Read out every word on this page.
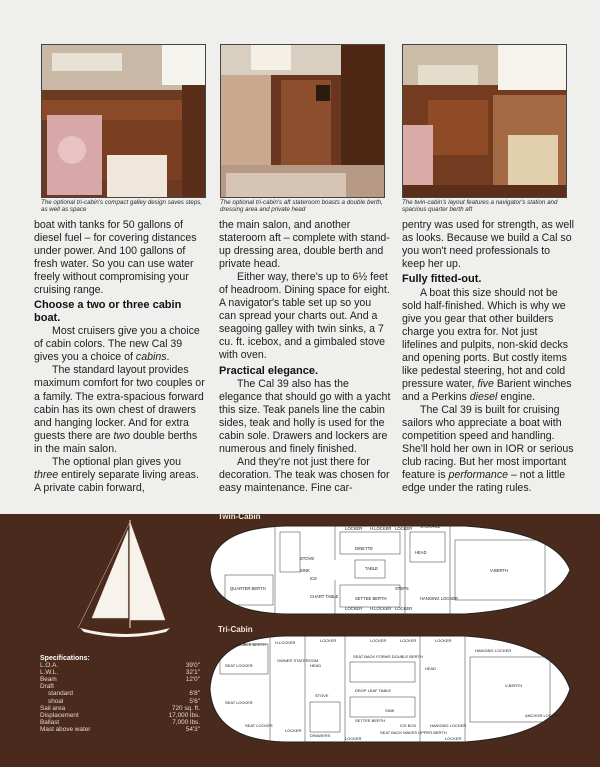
The optional tri-cabin's compact galley design saves steps, as well as space
The optional tri-cabin's aft stateroom boasts a double berth, dressing area and private head
The twin-cabin's layout features a navigator's station and spacious quarter berth aft

boat with tanks for 50 gallons of diesel fuel – for covering distances under power. And 100 gallons of fresh water. So you can use water freely without compromising your cruising range.

Choose a two or three cabin boat.

Most cruisers give you a choice of cabin colors. The new Cal 39 gives you a choice of cabins.

The standard layout provides maximum comfort for two couples or a family. The extra-spacious forward cabin has its own chest of drawers and hanging locker. And for extra guests there are two double berths in the main salon.

The optional plan gives you three entirely separate living areas. A private cabin forward,

the main salon, and another stateroom aft – complete with stand-up dressing area, double berth and private head.

Either way, there's up to 6½ feet of headroom. Dining space for eight. A navigator's table set up so you can spread your charts out. And a seagoing galley with twin sinks, a 7 cu. ft. icebox, and a gimbaled stove with oven.

Practical elegance.

The Cal 39 also has the elegance that should go with a yacht this size. Teak panels line the cabin sides, teak and holly is used for the cabin sole. Drawers and lockers are numerous and finely finished.

And they're not just there for decoration. The teak was chosen for easy maintenance. Fine car-

pentry was used for strength, as well as looks. Because we build a Cal so you won't need professionals to keep her up.

Fully fitted-out.

A boat this size should not be sold half-finished. Which is why we give you gear that other builders charge you extra for. Not just lifelines and pulpits, non-skid decks and opening ports. But costly items like pedestal steering, hot and cold pressure water, five Barient winches and a Perkins diesel engine.

The Cal 39 is built for cruising sailors who appreciate a boat with competition speed and handling. She'll hold her own in IOR or serious club racing. But her most important feature is performance – not a little edge under the rating rules.

Specifications:
L.O.A.	39'0"
L.W.L.	32'1"
Beam	12'0"
Draft
standard	6'8"
shoal	5'6"
Sail area	720 sq. ft.
Displacement	17,000 lbs.
Ballast	7,000 lbs.
Mast above water	54'3"
Twin-Cabin
Tri-Cabin
LOCKER H.LOCKER LOCKER STORAGE
DINETTE
TABLE
HEAD
STOVE
SINK
ICE
QUARTER BERTH
CHART TABLE	SETTEE BERTH
STEPS
LOCKER H.LOCKER LOCKER
HANGING LOCKER
V-BERTH
DOUBLE BERTH H.LOCKER	LOCKER	LOCKER	LOCKER	LOCKER
SEAT LOCKER
OWNER STATEROOM
HEAD
SEAT BACK FORMS DOUBLE BERTH
HEAD
HANGING LOCKER
DROP LEAF TABLE
V-BERTH
ANCHOR LOCKER
SEAT LOCKER
STOVE
SETTEE BERTH
SINK
ICE BOX
DRAWERS
LOCKER	SEAT BACK MAKES UPPER BERTH
HANGING LOCKER
SEAT LOCKER
LOCKER	LOCKER
